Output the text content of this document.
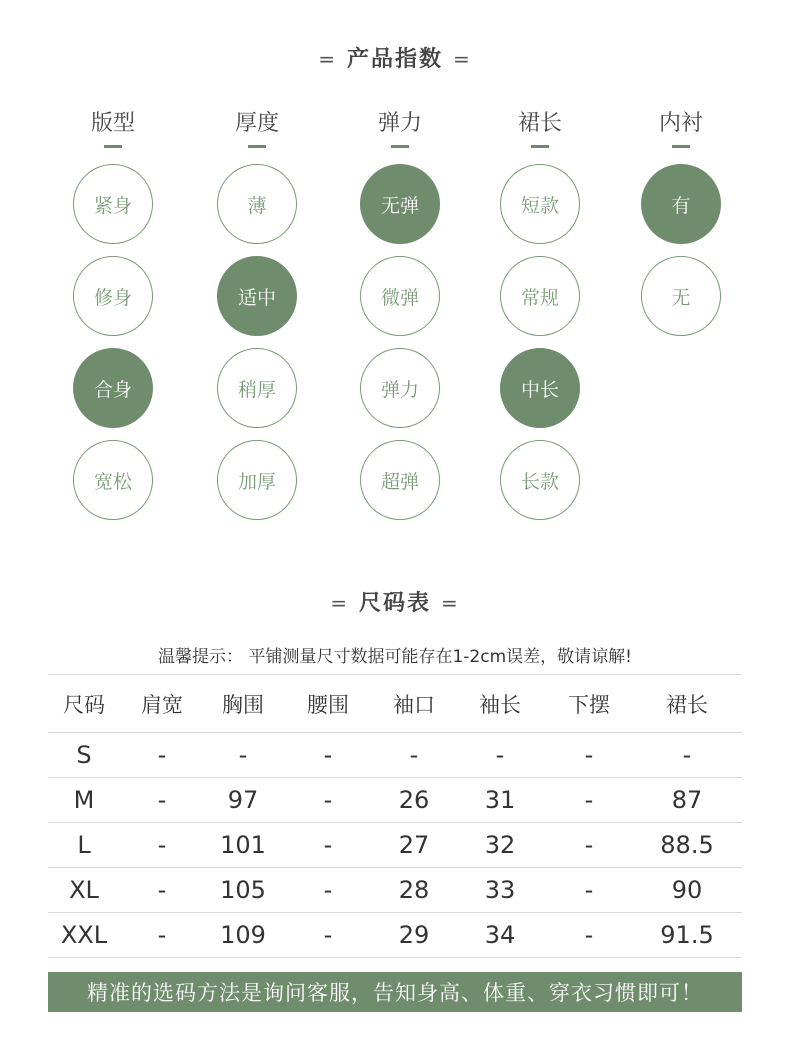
= 产品指数 =
版型
紧身
修身
合身
宽松
厚度
薄
适中
稍厚
加厚
弹力
无弹
微弹
弹力
超弹
裙长
短款
常规
中长
长款
内衬
有
无
= 尺码表 =
温馨提示： 平铺测量尺寸数据可能存在1-2cm误差，敬请谅解!
尺码	肩宽	胸围	腰围	袖口	袖长	下摆	裙长
S	-	-	-	-	-	-	-
M	-	97	-	26	31	-	87
L	-	101	-	27	32	-	88.5
XL	-	105	-	28	33	-	90
XXL	-	109	-	29	34	-	91.5
精准的选码方法是询问客服，告知身高、体重、穿衣习惯即可！
